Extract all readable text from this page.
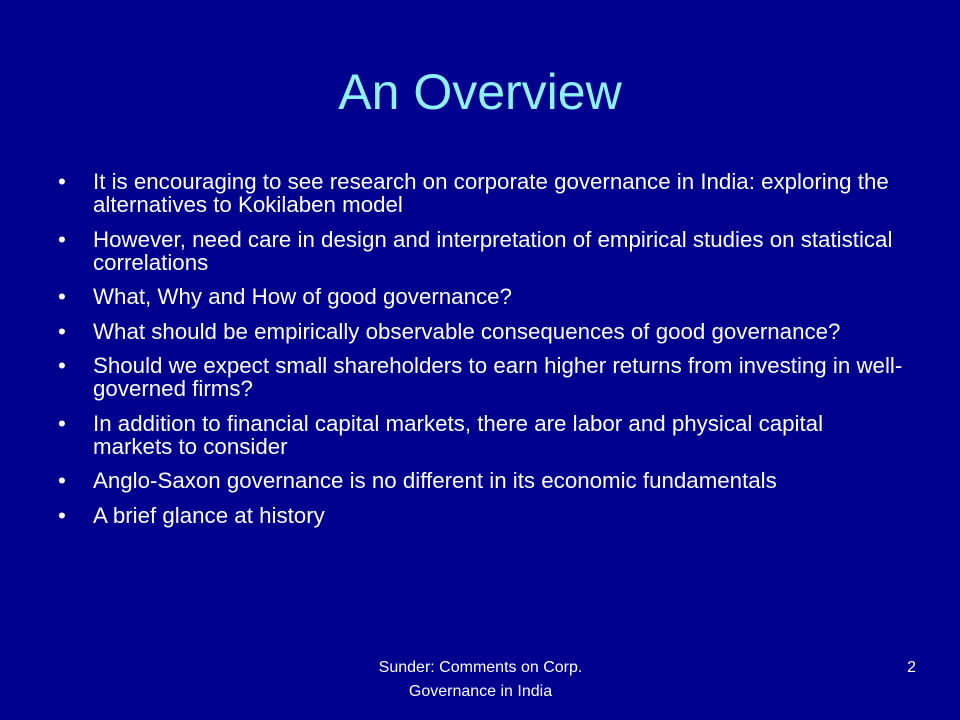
An Overview
•	It is encouraging to see research on corporate governance in India: exploring the alternatives to Kokilaben model
•	However, need care in design and interpretation of empirical studies on statistical correlations
•	What, Why and How of good governance?
•	What should be empirically observable consequences of good governance?
•	Should we expect small shareholders to earn higher returns from investing in well-governed firms?
•	In addition to financial capital markets, there are labor and physical capital markets to consider
•	Anglo-Saxon governance is no different in its economic fundamentals
•	A brief glance at history
Sunder: Comments on Corp. Governance in India
2
